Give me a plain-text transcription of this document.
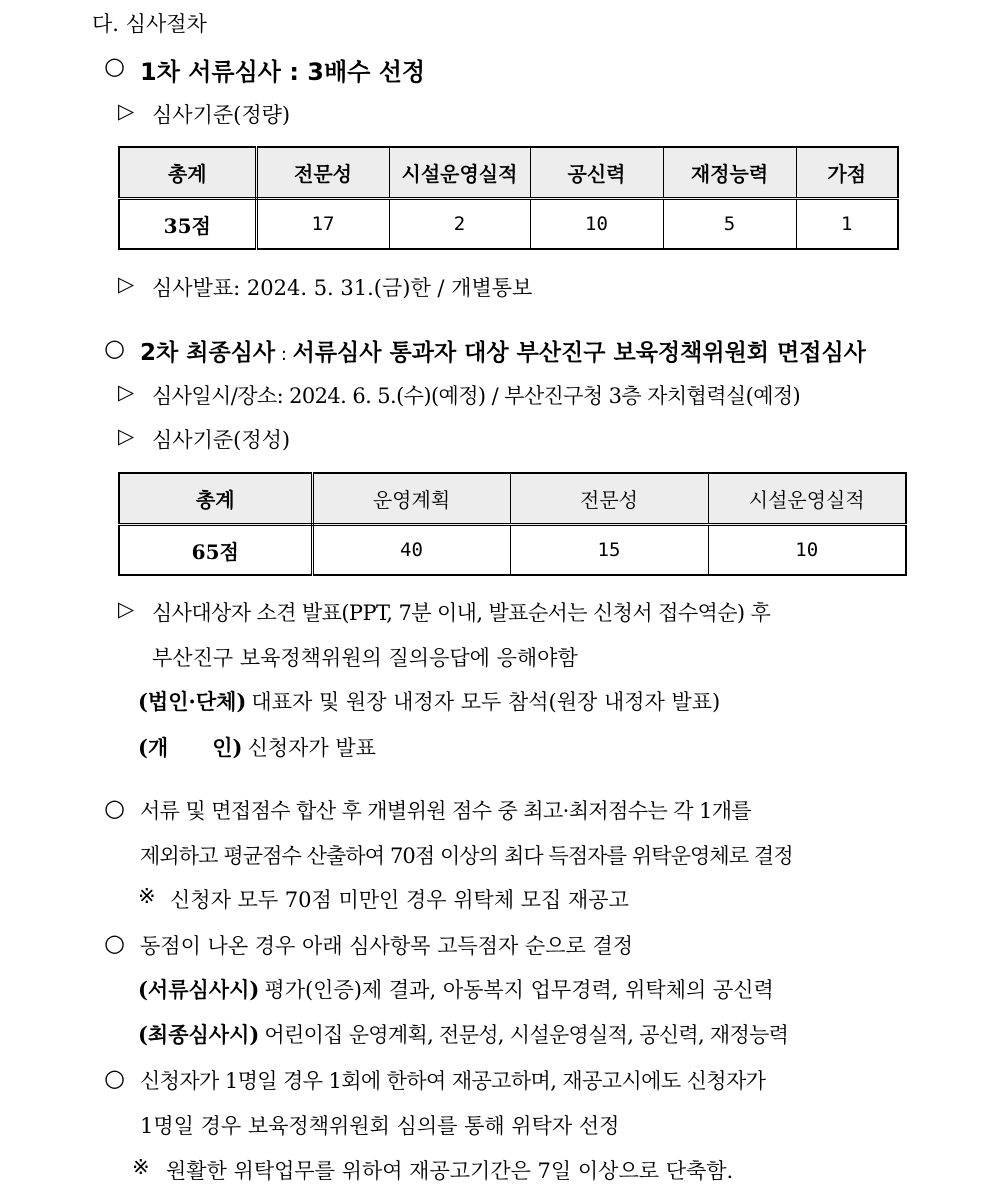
다. 심사절차
○ 1차 서류심사 : 3배수 선정
▷ 심사기준(정량)
총계	전문성	시설운영실적	공신력	재정능력	가점
35점	17	2	10	5	1
▷ 심사발표: 2024. 5. 31.(금)한 / 개별통보
○ 2차 최종심사 : 서류심사 통과자 대상 부산진구 보육정책위원회 면접심사
▷ 심사일시/장소: 2024. 6. 5.(수)(예정) / 부산진구청 3층 자치협력실(예정)
▷ 심사기준(정성)
총계	운영계획	전문성	시설운영실적
65점	40	15	10
▷ 심사대상자 소견 발표(PPT, 7분 이내, 발표순서는 신청서 접수역순) 후
부산진구 보육정책위원의 질의응답에 응해야함
(법인·단체) 대표자 및 원장 내정자 모두 참석(원장 내정자 발표)
(개 인) 신청자가 발표
○ 서류 및 면접점수 합산 후 개별위원 점수 중 최고·최저점수는 각 1개를
제외하고 평균점수 산출하여 70점 이상의 최다 득점자를 위탁운영체로 결정
※ 신청자 모두 70점 미만인 경우 위탁체 모집 재공고
○ 동점이 나온 경우 아래 심사항목 고득점자 순으로 결정
(서류심사시) 평가(인증)제 결과, 아동복지 업무경력, 위탁체의 공신력
(최종심사시) 어린이집 운영계획, 전문성, 시설운영실적, 공신력, 재정능력
○ 신청자가 1명일 경우 1회에 한하여 재공고하며, 재공고시에도 신청자가
1명일 경우 보육정책위원회 심의를 통해 위탁자 선정
※ 원활한 위탁업무를 위하여 재공고기간은 7일 이상으로 단축함.
